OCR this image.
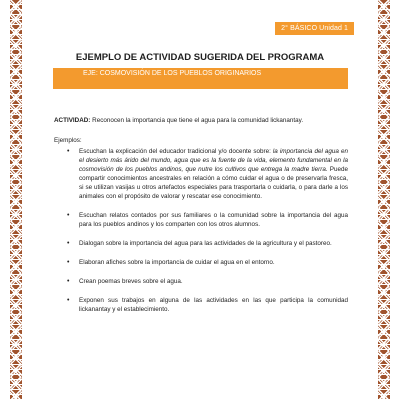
2° BÁSICO Unidad 1
EJEMPLO DE ACTIVIDAD SUGERIDA DEL PROGRAMA
EJE: COSMOVISIÓN DE LOS PUEBLOS ORIGINARIOS

ACTIVIDAD: Reconocen la importancia que tiene el agua para la comunidad lickanantay.

Ejemplos:

• Escuchan la explicación del educador tradicional y/o docente sobre: la importancia del agua en el desierto más árido del mundo, agua que es la fuente de la vida, elemento fundamental en la cosmovisión de los pueblos andinos, que nutre los cultivos que entrega la madre tierra. Puede compartir conocimientos ancestrales en relación a cómo cuidar el agua o de preservarla fresca, si se utilizan vasijas u otros artefactos especiales para trasportarla o cuidarla, o para darle a los animales con el propósito de valorar y rescatar ese conocimiento.
• Escuchan relatos contados por sus familiares o la comunidad sobre la importancia del agua para los pueblos andinos y los comparten con los otros alumnos.
• Dialogan sobre la importancia del agua para las actividades de la agricultura y el pastoreo.
• Elaboran afiches sobre la importancia de cuidar el agua en el entorno.
• Crean poemas breves sobre el agua.
• Exponen sus trabajos en alguna de las actividades en las que participa la comunidad lickanantay y el establecimiento.
